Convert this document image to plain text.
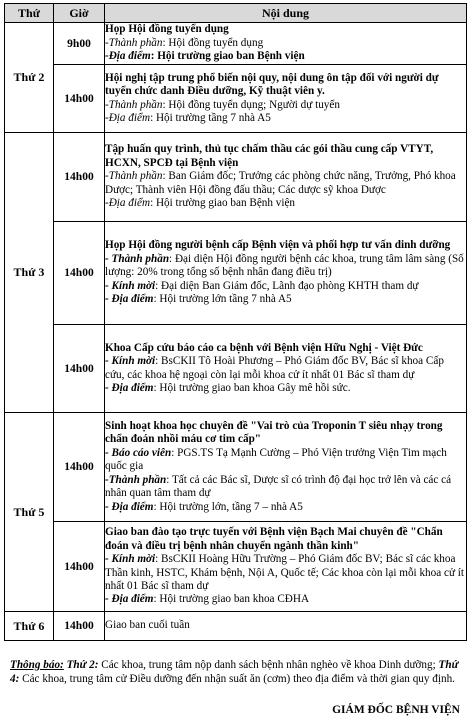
Thứ	Giờ	Nội dung
Thứ 2	9h00	Họp Hội đồng tuyển dụng
-Thành phần: Hội đồng tuyển dụng
-Địa điểm: Hội trường giao ban Bệnh viện

	14h00	Hội nghị tập trung phổ biến nội quy, nội dung ôn tập đối với người dự tuyển chức danh Điều dưỡng, Kỹ thuật viên y.
-Thành phần: Hội đồng tuyển dụng; Người dự tuyển
-Địa điểm: Hội trường tầng 7 nhà A5

Thứ 3	14h00	Tập huấn quy trình, thủ tục chấm thầu các gói thầu cung cấp VTYT, HCXN, SPCĐ tại Bệnh viện
-Thành phần: Ban Giám đốc; Trưởng các phòng chức năng, Trưởng, Phó khoa Dược; Thành viên Hội đồng đấu thầu; Các dược sỹ khoa Dược
-Địa điểm: Hội trường giao ban Bệnh viện

	14h00	Họp Hội đồng người bệnh cấp Bệnh viện và phối hợp tư vấn dinh dưỡng
- Thành phần: Đại diện Hội đồng người bệnh các khoa, trung tâm lâm sàng (Số lượng: 20% trong tổng số bệnh nhân đang điều trị)
- Kính mời: Đại diện Ban Giám đốc, Lãnh đạo phòng KHTH tham dự
- Địa điểm: Hội trường lớn tầng 7 nhà A5

	14h00	Khoa Cấp cứu báo cáo ca bệnh với Bệnh viện Hữu Nghị - Việt Đức
- Kính mời: BsCKII Tô Hoài Phương – Phó Giám đốc BV, Bác sĩ khoa Cấp cứu, các khoa hệ ngoại còn lại mỗi khoa cử ít nhất 01 Bác sĩ tham dự
- Địa điểm: Hội trường giao ban khoa Gây mê hồi sức.

Thứ 5	14h00	Sinh hoạt khoa học chuyên đề "Vai trò của Troponin T siêu nhạy trong chẩn đoán nhồi máu cơ tim cấp"
- Báo cáo viên: PGS.TS Tạ Mạnh Cường – Phó Viện trưởng Viện Tim mạch quốc gia
-Thành phần: Tất cả các Bác sĩ, Dược sĩ có trình độ đại học trở lên và các cá nhân quan tâm tham dự
- Địa điểm: Hội trường lớn, tầng 7 – nhà A5

	14h00	Giao ban đào tạo trực tuyến với Bệnh viện Bạch Mai chuyên đề "Chẩn đoán và điều trị bệnh nhân chuyển ngành thần kinh"
- Kính mời: BsCKII Hoàng Hữu Trường – Phó Giám đốc BV; Bác sĩ các khoa Thần kinh, HSTC, Khám bệnh, Nội A, Quốc tế; Các khoa còn lại mỗi khoa cử ít nhất 01 Bác sĩ tham dự
- Địa điểm: Hội trường giao ban khoa CĐHA

Thứ 6	14h00	Giao ban cuối tuần
Thông báo: Thứ 2: Các khoa, trung tâm nộp danh sách bệnh nhân nghèo về khoa Dinh dưỡng; Thứ 4: Các khoa, trung tâm cử Điều dưỡng đến nhận suất ăn (cơm) theo địa điểm và thời gian quy định.
GIÁM ĐỐC BỆNH VIỆN
